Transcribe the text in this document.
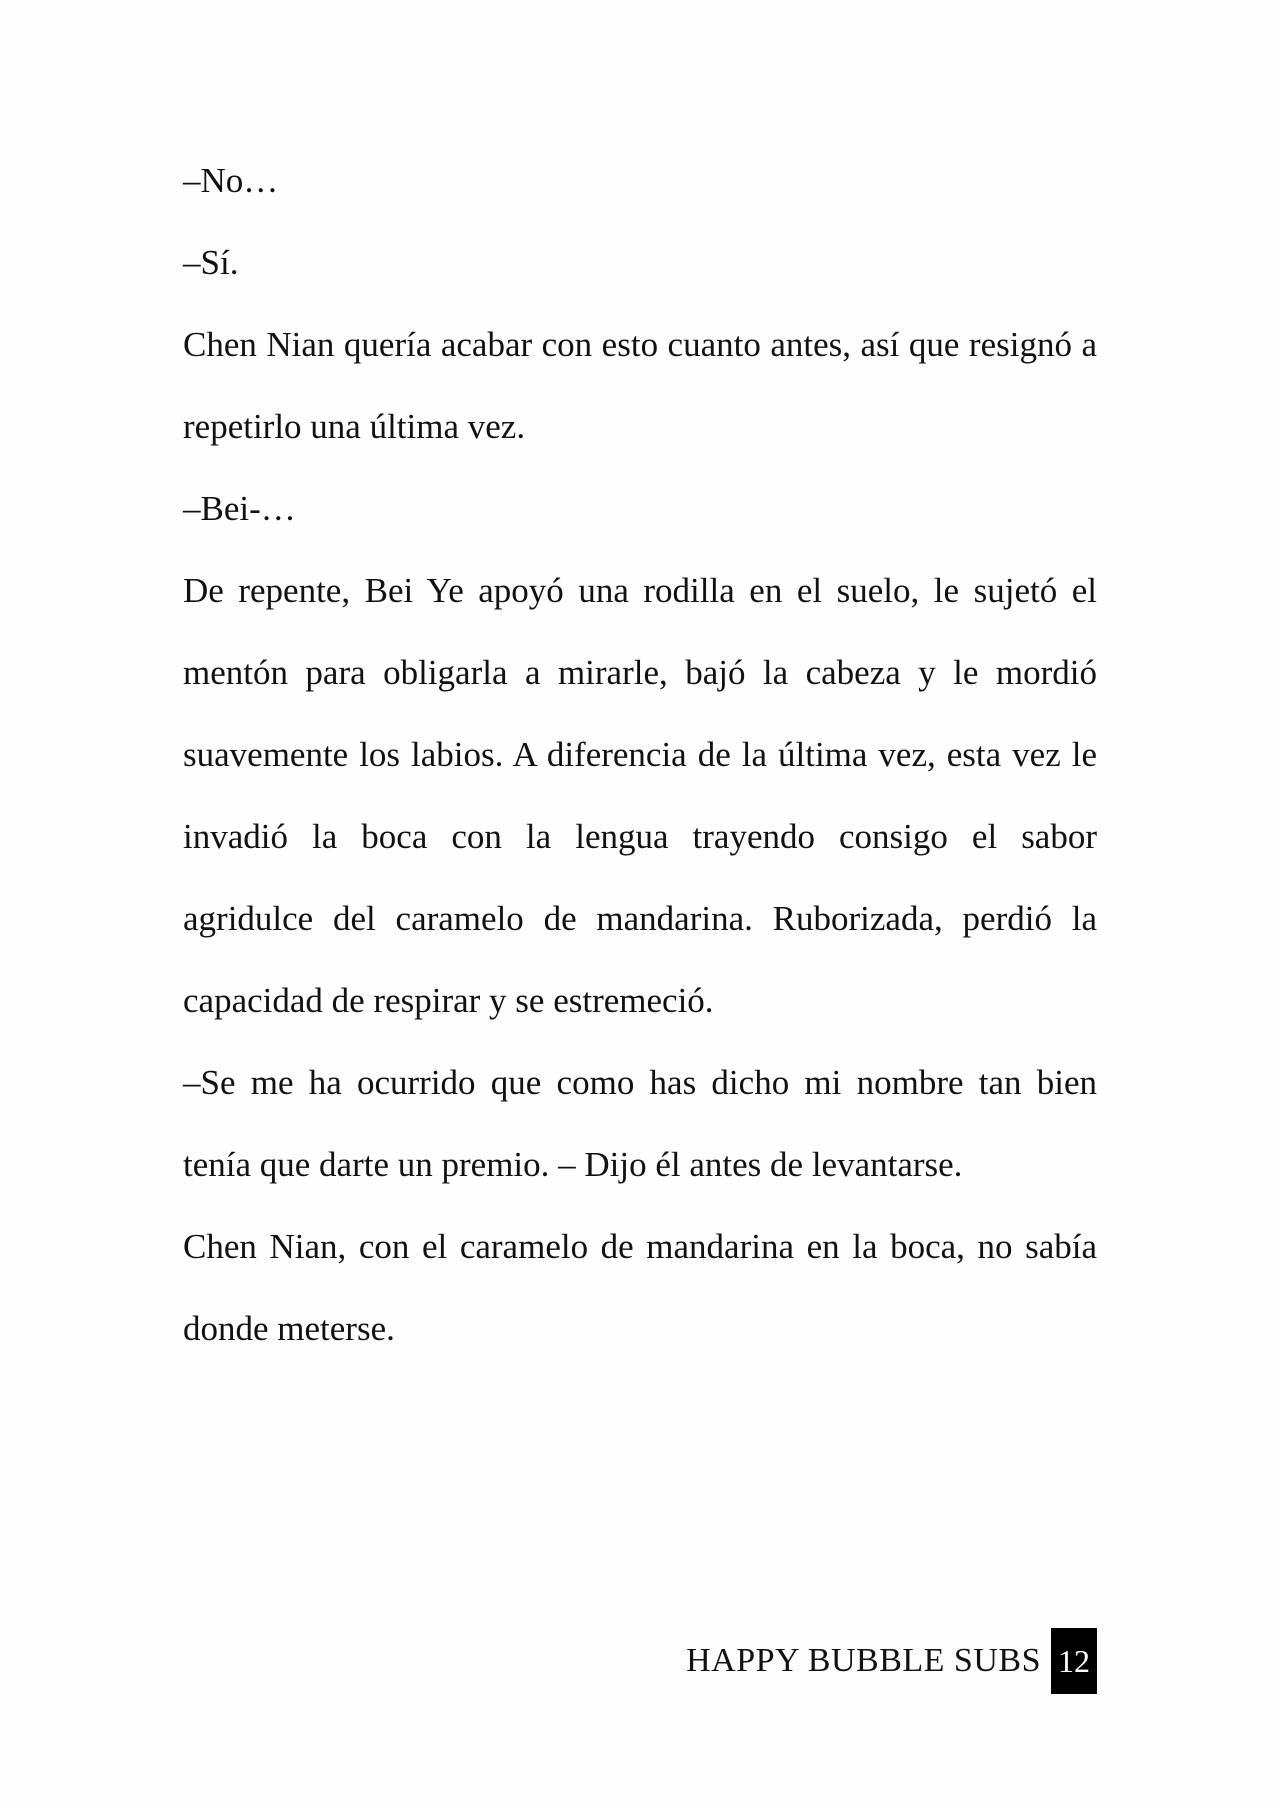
–No…

–Sí.

Chen Nian quería acabar con esto cuanto antes, así que resignó a repetirlo una última vez.

–Bei-…

De repente, Bei Ye apoyó una rodilla en el suelo, le sujetó el mentón para obligarla a mirarle, bajó la cabeza y le mordió suavemente los labios. A diferencia de la última vez, esta vez le invadió la boca con la lengua trayendo consigo el sabor agridulce del caramelo de mandarina. Ruborizada, perdió la capacidad de respirar y se estremeció.

–Se me ha ocurrido que como has dicho mi nombre tan bien tenía que darte un premio. – Dijo él antes de levantarse.

Chen Nian, con el caramelo de mandarina en la boca, no sabía donde meterse.

HAPPY BUBBLE SUBS 12
